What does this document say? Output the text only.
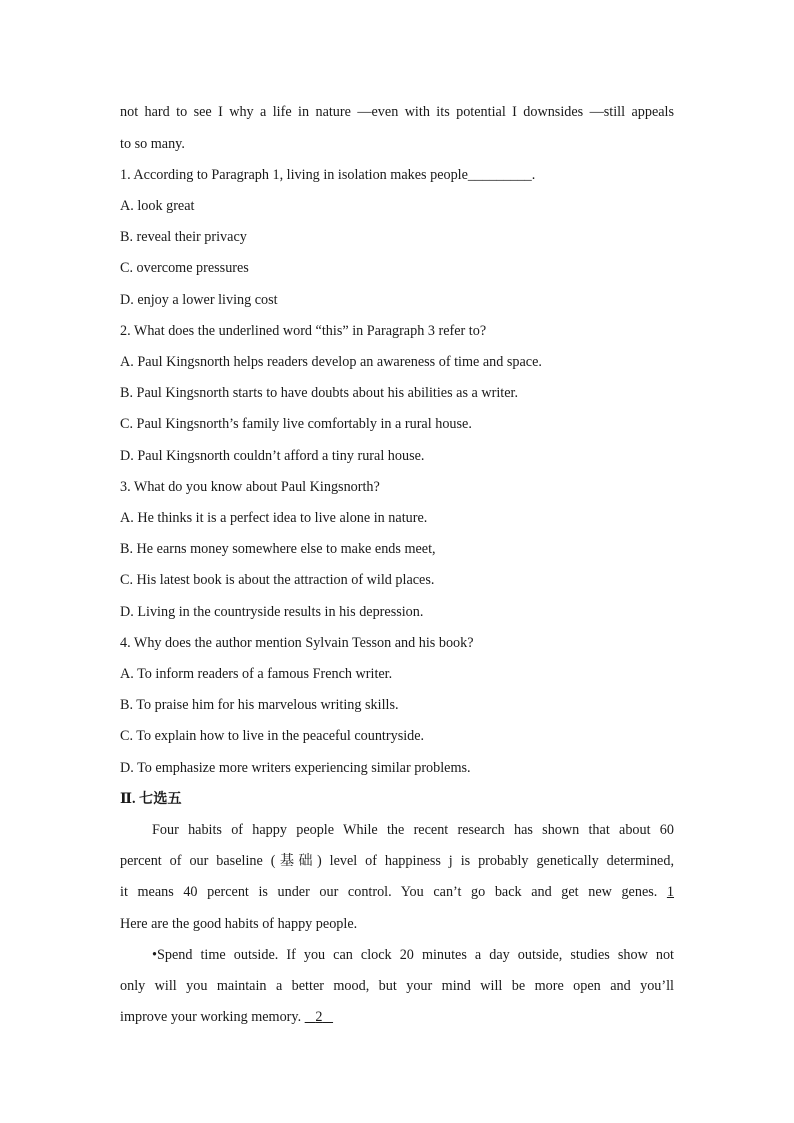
not hard to see I why a life in nature —even with its potential I downsides —still appeals
to so many.
1. According to Paragraph 1, living in isolation makes people_________.
A. look great
B. reveal their privacy
C. overcome pressures
D. enjoy a lower living cost
2. What does the underlined word “this” in Paragraph 3 refer to?
A. Paul Kingsnorth helps readers develop an awareness of time and space.
B. Paul Kingsnorth starts to have doubts about his abilities as a writer.
C. Paul Kingsnorth’s family live comfortably in a rural house.
D. Paul Kingsnorth couldn’t afford a tiny rural house.
3. What do you know about Paul Kingsnorth?
A. He thinks it is a perfect idea to live alone in nature.
B. He earns money somewhere else to make ends meet,
C. His latest book is about the attraction of wild places.
D. Living in the countryside results in his depression.
4. Why does the author mention Sylvain Tesson and his book?
A. To inform readers of a famous French writer.
B. To praise him for his marvelous writing skills.
C. To explain how to live in the peaceful countryside.
D. To emphasize more writers experiencing similar problems.
Ⅱ. 七选五
Four habits of happy people While the recent research has shown that about 60
percent of our baseline (基础) level of happiness j is probably genetically determined,
it means 40 percent is under our control. You can’t go back and get new genes. 1
Here are the good habits of happy people.
•Spend time outside. If you can clock 20 minutes a day outside, studies show not
only will you maintain a better mood, but your mind will be more open and you’ll
improve your working memory. 2
